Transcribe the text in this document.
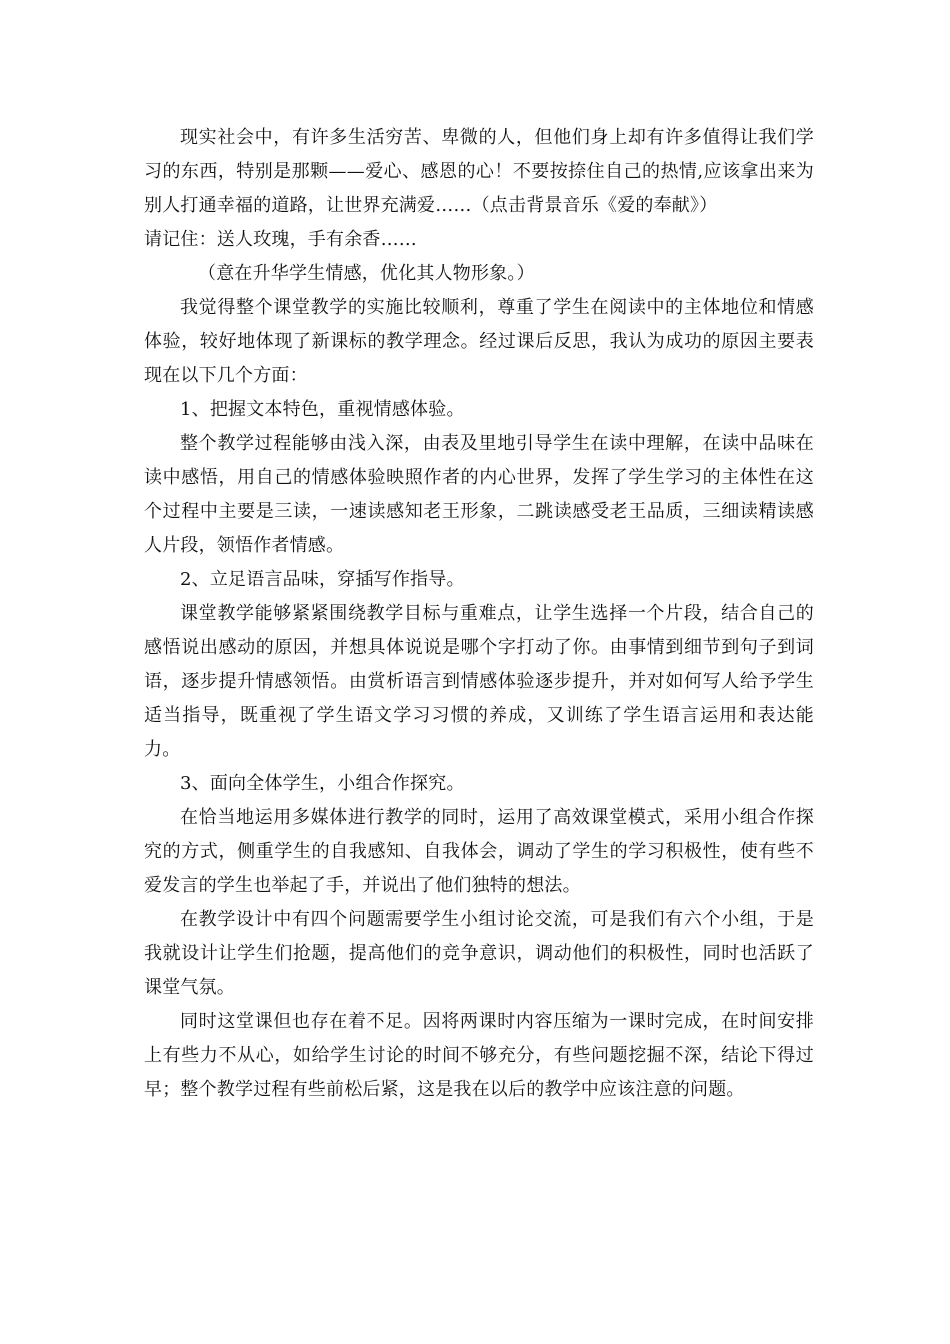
现实社会中，有许多生活穷苦、卑微的人，但他们身上却有许多值得让我们学习的东西，特别是那颗——爱心、感恩的心！不要按捺住自己的热情,应该拿出来为别人打通幸福的道路，让世界充满爱……（点击背景音乐《爱的奉献》）

请记住：送人玫瑰，手有余香……

（意在升华学生情感，优化其人物形象。）

我觉得整个课堂教学的实施比较顺利，尊重了学生在阅读中的主体地位和情感体验，较好地体现了新课标的教学理念。经过课后反思，我认为成功的原因主要表现在以下几个方面：

1、把握文本特色，重视情感体验。

整个教学过程能够由浅入深，由表及里地引导学生在读中理解，在读中品味在读中感悟，用自己的情感体验映照作者的内心世界，发挥了学生学习的主体性在这个过程中主要是三读，一速读感知老王形象，二跳读感受老王品质，三细读精读感人片段，领悟作者情感。

2、立足语言品味，穿插写作指导。

课堂教学能够紧紧围绕教学目标与重难点，让学生选择一个片段，结合自己的感悟说出感动的原因，并想具体说说是哪个字打动了你。由事情到细节到句子到词语，逐步提升情感领悟。由赏析语言到情感体验逐步提升，并对如何写人给予学生适当指导，既重视了学生语文学习习惯的养成，又训练了学生语言运用和表达能力。

3、面向全体学生，小组合作探究。

在恰当地运用多媒体进行教学的同时，运用了高效课堂模式，采用小组合作探究的方式，侧重学生的自我感知、自我体会，调动了学生的学习积极性，使有些不爱发言的学生也举起了手，并说出了他们独特的想法。

在教学设计中有四个问题需要学生小组讨论交流，可是我们有六个小组，于是我就设计让学生们抢题，提高他们的竞争意识，调动他们的积极性，同时也活跃了课堂气氛。

同时这堂课但也存在着不足。因将两课时内容压缩为一课时完成，在时间安排上有些力不从心，如给学生讨论的时间不够充分，有些问题挖掘不深，结论下得过早；整个教学过程有些前松后紧，这是我在以后的教学中应该注意的问题。
